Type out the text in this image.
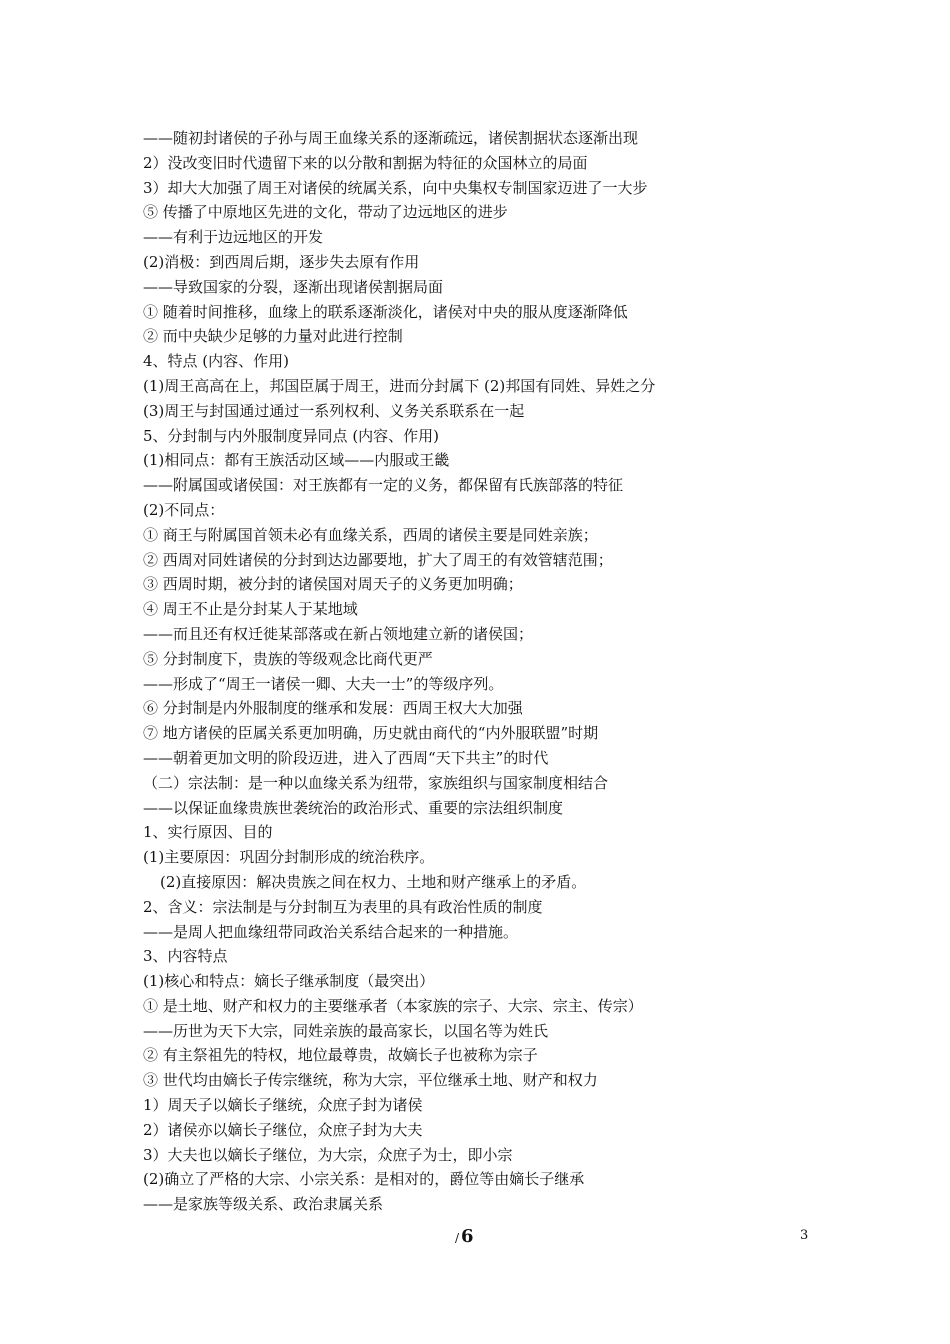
——随初封诸侯的子孙与周王血缘关系的逐渐疏远，诸侯割据状态逐渐出现
2）没改变旧时代遗留下来的以分散和割据为特征的众国林立的局面
3）却大大加强了周王对诸侯的统属关系，向中央集权专制国家迈进了一大步
⑤ 传播了中原地区先进的文化，带动了边远地区的进步
——有利于边远地区的开发
(2)消极：到西周后期，逐步失去原有作用
——导致国家的分裂，逐渐出现诸侯割据局面
① 随着时间推移，血缘上的联系逐渐淡化，诸侯对中央的服从度逐渐降低
② 而中央缺少足够的力量对此进行控制
4、特点 (内容、作用)
(1)周王高高在上，邦国臣属于周王，进而分封属下 (2)邦国有同姓、异姓之分
(3)周王与封国通过通过一系列权利、义务关系联系在一起
5、分封制与内外服制度异同点 (内容、作用)
(1)相同点：都有王族活动区域——内服或王畿
——附属国或诸侯国：对王族都有一定的义务，都保留有氏族部落的特征
(2)不同点：
① 商王与附属国首领未必有血缘关系，西周的诸侯主要是同姓亲族；
② 西周对同姓诸侯的分封到达边鄙要地，扩大了周王的有效管辖范围；
③ 西周时期，被分封的诸侯国对周天子的义务更加明确；
④ 周王不止是分封某人于某地域
——而且还有权迁徙某部落或在新占领地建立新的诸侯国；
⑤ 分封制度下，贵族的等级观念比商代更严
——形成了“周王一诸侯一卿、大夫一士”的等级序列。
⑥ 分封制是内外服制度的继承和发展：西周王权大大加强
⑦ 地方诸侯的臣属关系更加明确，历史就由商代的“内外服联盟”时期
——朝着更加文明的阶段迈进，进入了西周“天下共主”的时代
（二）宗法制：是一种以血缘关系为纽带，家族组织与国家制度相结合
——以保证血缘贵族世袭统治的政治形式、重要的宗法组织制度
1、实行原因、目的
(1)主要原因：巩固分封制形成的统治秩序。
(2)直接原因：解决贵族之间在权力、土地和财产继承上的矛盾。
2、含义：宗法制是与分封制互为表里的具有政治性质的制度
——是周人把血缘纽带同政治关系结合起来的一种措施。
3、内容特点
(1)核心和特点：嫡长子继承制度（最突出）
① 是土地、财产和权力的主要继承者（本家族的宗子、大宗、宗主、传宗）
——历世为天下大宗，同姓亲族的最高家长，以国名等为姓氏
② 有主祭祖先的特权，地位最尊贵，故嫡长子也被称为宗子
③ 世代均由嫡长子传宗继统，称为大宗，平位继承土地、财产和权力
1）周天子以嫡长子继统，众庶子封为诸侯
2）诸侯亦以嫡长子继位，众庶子封为大夫
3）大夫也以嫡长子继位，为大宗，众庶子为士，即小宗
(2)确立了严格的大宗、小宗关系：是相对的，爵位等由嫡长子继承
——是家族等级关系、政治隶属关系
/ 6	3
